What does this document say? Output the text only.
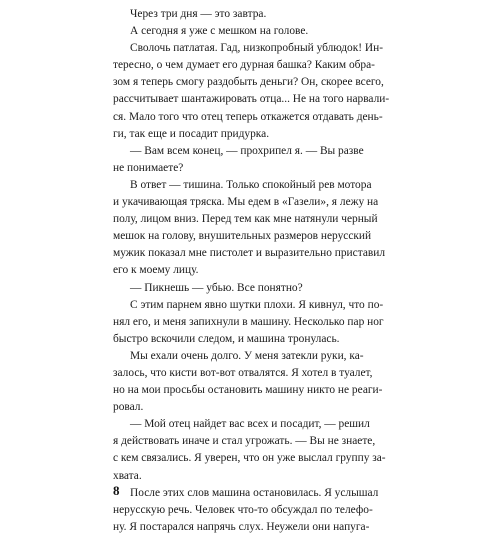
Через три дня — это завтра.

А сегодня я уже с мешком на голове.

Сволочь патлатая. Гад, низкопробный ублюдок! Ин-

тересно, о чем думает его дурная башка? Каким обра-

зом я теперь смогу раздобыть деньги? Он, скорее всего,

рассчитывает шантажировать отца... Не на того нарвали-

ся. Мало того что отец теперь откажется отдавать день-

ги, так еще и посадит придурка.

— Вам всем конец, — прохрипел я. — Вы разве

не понимаете?

В ответ — тишина. Только спокойный рев мотора

и укачивающая тряска. Мы едем в «Газели», я лежу на

полу, лицом вниз. Перед тем как мне натянули черный

мешок на голову, внушительных размеров нерусский

мужик показал мне пистолет и выразительно приставил

его к моему лицу.

— Пикнешь — убью. Все понятно?

С этим парнем явно шутки плохи. Я кивнул, что по-

нял его, и меня запихнули в машину. Несколько пар ног

быстро вскочили следом, и машина тронулась.

Мы ехали очень долго. У меня затекли руки, ка-

залось, что кисти вот-вот отвалятся. Я хотел в туалет,

но на мои просьбы остановить машину никто не реаги-

ровал.

— Мой отец найдет вас всех и посадит, — решил

я действовать иначе и стал угрожать. — Вы не знаете,

с кем связались. Я уверен, что он уже выслал группу за-

хвата.

После этих слов машина остановилась. Я услышал

нерусскую речь. Человек что-то обсуждал по телефо-

ну. Я постарался напрячь слух. Неужели они напуга-

8
